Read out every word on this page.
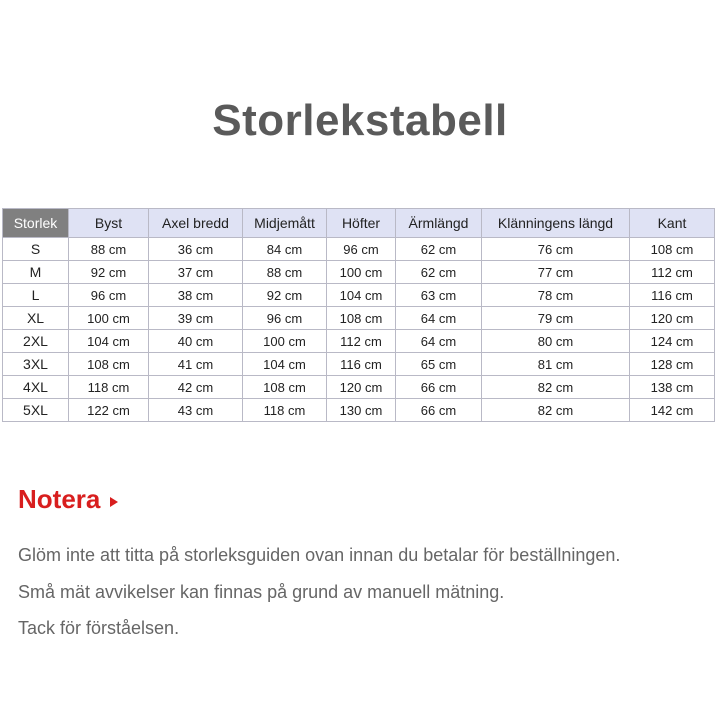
Storlekstabell
Storlek	Byst	Axel bredd	Midjemått	Höfter	Ärmlängd	Klänningens längd	Kant
S	88 cm	36 cm	84 cm	96 cm	62 cm	76 cm	108 cm
M	92 cm	37 cm	88 cm	100 cm	62 cm	77 cm	112 cm
L	96 cm	38 cm	92 cm	104 cm	63 cm	78 cm	116 cm
XL	100 cm	39 cm	96 cm	108 cm	64 cm	79 cm	120 cm
2XL	104 cm	40 cm	100 cm	112 cm	64 cm	80 cm	124 cm
3XL	108 cm	41 cm	104 cm	116 cm	65 cm	81 cm	128 cm
4XL	118 cm	42 cm	108 cm	120 cm	66 cm	82 cm	138 cm
5XL	122 cm	43 cm	118 cm	130 cm	66 cm	82 cm	142 cm
Notera
Glöm inte att titta på storleksguiden ovan innan du betalar för beställningen.
Små mät avvikelser kan finnas på grund av manuell mätning.
Tack för förståelsen.
